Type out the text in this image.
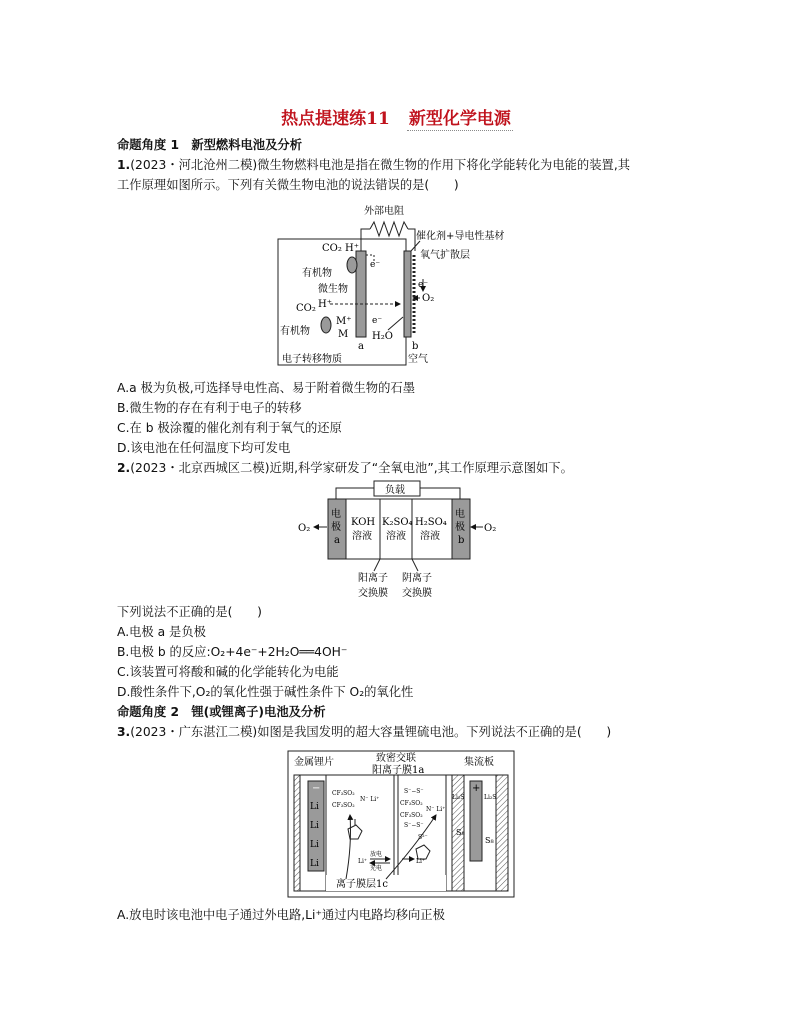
热点提速练11　 新型化学电源
命题角度 1　新型燃料电池及分析
1.(2023・河北沧州二模)微生物燃料电池是指在微生物的作用下将化学能转化为电能的装置,其
工作原理如图所示。下列有关微生物电池的说法错误的是(　　)
外部电阻
催化剂+导电性基材
氧气扩散层
e⁻
O₂
e⁻
H₂O
CO₂ H⁺
有机物
微生物
e⁻
CO₂ H⁺
M⁺
M
有机物
a	b
电子转移物质	空气
A.a 极为负极,可选择导电性高、易于附着微生物的石墨
B.微生物的存在有利于电子的转移
C.在 b 极涂覆的催化剂有利于氧气的还原
D.该电池在任何温度下均可发电
2.(2023・北京西城区二模)近期,科学家研发了“全氧电池”,其工作原理示意图如下。
负载
电
极
a
电
极
b
KOH
溶液
K₂SO₄
溶液
H₂SO₄
溶液
O₂	O₂
阳离子
交换膜
阴离子
交换膜
下列说法不正确的是(　　)
A.电极 a 是负极
B.电极 b 的反应:O₂+4e⁻+2H₂O══4OH⁻
C.该装置可将酸和碱的化学能转化为电能
D.酸性条件下,O₂的氧化性强于碱性条件下 O₂的氧化性
命题角度 2　锂(或锂离子)电池及分析
3.(2023・广东湛江二模)如图是我国发明的超大容量锂硫电池。下列说法不正确的是(　　)
金属锂片	致密交联
阳离子膜1a
集流板
−
Li
Li
Li
Li
+
Li₂S	Li₂S
S₈
S₈
CF₃SO₂
N⁻ Li⁺
CF₃SO₂
S⁻−S⁻
CF₃SO₂
N⁻ Li⁺
CF₃SO₂
S⁻−S⁻
S²⁻
放电
充电
Li⁺	Li⁺
离子膜层1c
A.放电时该电池中电子通过外电路,Li⁺通过内电路均移向正极
